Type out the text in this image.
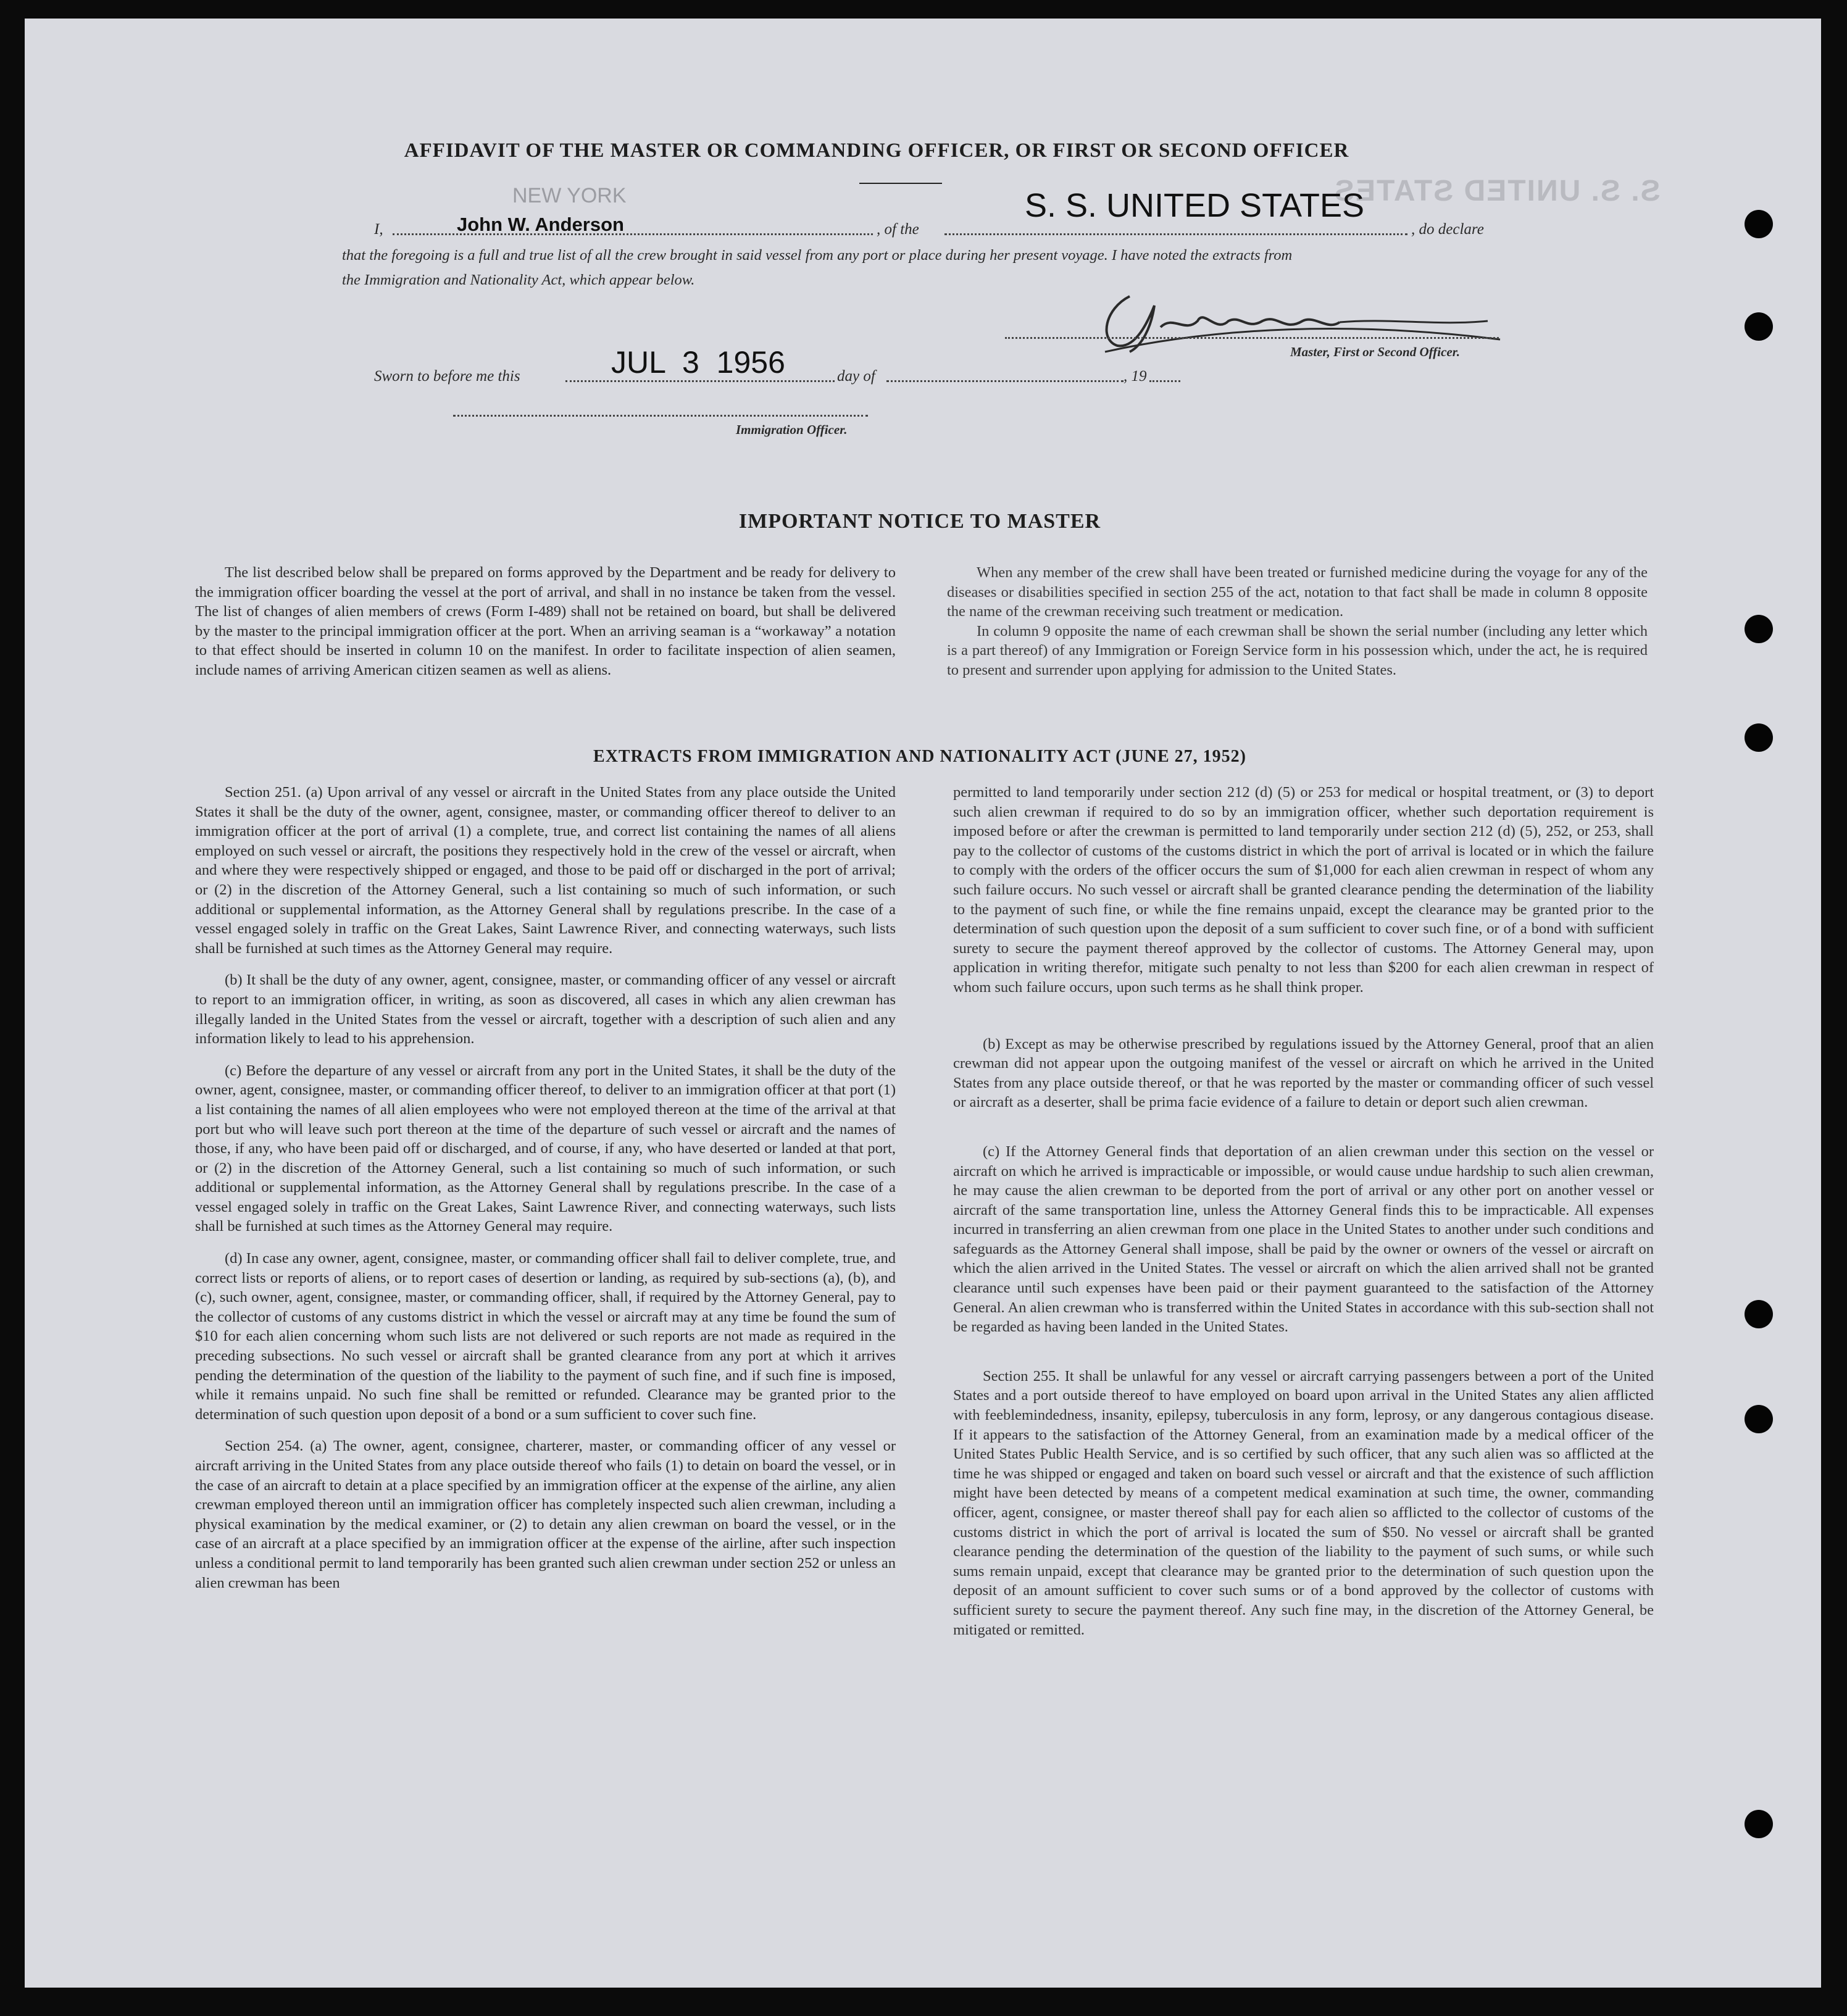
S. S. UNITED STATES
AFFIDAVIT OF THE MASTER OR COMMANDING OFFICER, OR FIRST OR SECOND OFFICER
I,	John W. Anderson
NEW YORK
, of the
S. S. UNITED STATES
, do declare
that the foregoing is a full and true list of all the crew brought in said vessel from any port or place during her present voyage. I have noted the extracts from
the Immigration and Nationality Act, which appear below.
Master, First or Second Officer.
Sworn to before me this	JUL 3 1956	day of	, 19
Immigration Officer.
IMPORTANT NOTICE TO MASTER

The list described below shall be prepared on forms approved by the Department and be ready for delivery to the immigration officer boarding the vessel at the port of arrival, and shall in no instance be taken from the vessel. The list of changes of alien members of crews (Form I-489) shall not be retained on board, but shall be delivered by the master to the principal immigration officer at the port. When an arriving seaman is a “workaway” a notation to that effect should be inserted in column 10 on the manifest. In order to facilitate inspection of alien seamen, include names of arriving American citizen seamen as well as aliens.

When any member of the crew shall have been treated or furnished medicine during the voyage for any of the diseases or disabilities specified in section 255 of the act, notation to that fact shall be made in column 8 opposite the name of the crewman receiving such treatment or medication.

In column 9 opposite the name of each crewman shall be shown the serial number (including any letter which is a part thereof) of any Immigration or Foreign Service form in his possession which, under the act, he is required to present and surrender upon applying for admission to the United States.

EXTRACTS FROM IMMIGRATION AND NATIONALITY ACT (JUNE 27, 1952)

Section 251. (a) Upon arrival of any vessel or aircraft in the United States from any place outside the United States it shall be the duty of the owner, agent, consignee, master, or commanding officer thereof to deliver to an immigration officer at the port of arrival (1) a complete, true, and correct list containing the names of all aliens employed on such vessel or aircraft, the positions they respectively hold in the crew of the vessel or aircraft, when and where they were respectively shipped or engaged, and those to be paid off or discharged in the port of arrival; or (2) in the discretion of the Attorney General, such a list containing so much of such information, or such additional or supplemental information, as the Attorney General shall by regulations prescribe. In the case of a vessel engaged solely in traffic on the Great Lakes, Saint Lawrence River, and connecting waterways, such lists shall be furnished at such times as the Attorney General may require.

(b) It shall be the duty of any owner, agent, consignee, master, or commanding officer of any vessel or aircraft to report to an immigration officer, in writing, as soon as discovered, all cases in which any alien crewman has illegally landed in the United States from the vessel or aircraft, together with a description of such alien and any information likely to lead to his apprehension.

(c) Before the departure of any vessel or aircraft from any port in the United States, it shall be the duty of the owner, agent, consignee, master, or commanding officer thereof, to deliver to an immigration officer at that port (1) a list containing the names of all alien employees who were not employed thereon at the time of the arrival at that port but who will leave such port thereon at the time of the departure of such vessel or aircraft and the names of those, if any, who have been paid off or discharged, and of course, if any, who have deserted or landed at that port, or (2) in the discretion of the Attorney General, such a list containing so much of such information, or such additional or supplemental information, as the Attorney General shall by regulations prescribe. In the case of a vessel engaged solely in traffic on the Great Lakes, Saint Lawrence River, and connecting waterways, such lists shall be furnished at such times as the Attorney General may require.

(d) In case any owner, agent, consignee, master, or commanding officer shall fail to deliver complete, true, and correct lists or reports of aliens, or to report cases of desertion or landing, as required by sub-sections (a), (b), and (c), such owner, agent, consignee, master, or commanding officer, shall, if required by the Attorney General, pay to the collector of customs of any customs district in which the vessel or aircraft may at any time be found the sum of $10 for each alien concerning whom such lists are not delivered or such reports are not made as required in the preceding subsections. No such vessel or aircraft shall be granted clearance from any port at which it arrives pending the determination of the question of the liability to the payment of such fine, and if such fine is imposed, while it remains unpaid. No such fine shall be remitted or refunded. Clearance may be granted prior to the determination of such question upon deposit of a bond or a sum sufficient to cover such fine.

Section 254. (a) The owner, agent, consignee, charterer, master, or commanding officer of any vessel or aircraft arriving in the United States from any place outside thereof who fails (1) to detain on board the vessel, or in the case of an aircraft to detain at a place specified by an immigration officer at the expense of the airline, any alien crewman employed thereon until an immigration officer has completely inspected such alien crewman, including a physical examination by the medical examiner, or (2) to detain any alien crewman on board the vessel, or in the case of an aircraft at a place specified by an immigration officer at the expense of the airline, after such inspection unless a conditional permit to land temporarily has been granted such alien crewman under section 252 or unless an alien crewman has been

permitted to land temporarily under section 212 (d) (5) or 253 for medical or hospital treatment, or (3) to deport such alien crewman if required to do so by an immigration officer, whether such deportation requirement is imposed before or after the crewman is permitted to land temporarily under section 212 (d) (5), 252, or 253, shall pay to the collector of customs of the customs district in which the port of arrival is located or in which the failure to comply with the orders of the officer occurs the sum of $1,000 for each alien crewman in respect of whom any such failure occurs. No such vessel or aircraft shall be granted clearance pending the determination of the liability to the payment of such fine, or while the fine remains unpaid, except the clearance may be granted prior to the determination of such question upon the deposit of a sum sufficient to cover such fine, or of a bond with sufficient surety to secure the payment thereof approved by the collector of customs. The Attorney General may, upon application in writing therefor, mitigate such penalty to not less than $200 for each alien crewman in respect of whom such failure occurs, upon such terms as he shall think proper.

(b) Except as may be otherwise prescribed by regulations issued by the Attorney General, proof that an alien crewman did not appear upon the outgoing manifest of the vessel or aircraft on which he arrived in the United States from any place outside thereof, or that he was reported by the master or commanding officer of such vessel or aircraft as a deserter, shall be prima facie evidence of a failure to detain or deport such alien crewman.

(c) If the Attorney General finds that deportation of an alien crewman under this section on the vessel or aircraft on which he arrived is impracticable or impossible, or would cause undue hardship to such alien crewman, he may cause the alien crewman to be deported from the port of arrival or any other port on another vessel or aircraft of the same transportation line, unless the Attorney General finds this to be impracticable. All expenses incurred in transferring an alien crewman from one place in the United States to another under such conditions and safeguards as the Attorney General shall impose, shall be paid by the owner or owners of the vessel or aircraft on which the alien arrived in the United States. The vessel or aircraft on which the alien arrived shall not be granted clearance until such expenses have been paid or their payment guaranteed to the satisfaction of the Attorney General. An alien crewman who is transferred within the United States in accordance with this sub-section shall not be regarded as having been landed in the United States.

Section 255. It shall be unlawful for any vessel or aircraft carrying passengers between a port of the United States and a port outside thereof to have employed on board upon arrival in the United States any alien afflicted with feeblemindedness, insanity, epilepsy, tuberculosis in any form, leprosy, or any dangerous contagious disease. If it appears to the satisfaction of the Attorney General, from an examination made by a medical officer of the United States Public Health Service, and is so certified by such officer, that any such alien was so afflicted at the time he was shipped or engaged and taken on board such vessel or aircraft and that the existence of such affliction might have been detected by means of a competent medical examination at such time, the owner, commanding officer, agent, consignee, or master thereof shall pay for each alien so afflicted to the collector of customs of the customs district in which the port of arrival is located the sum of $50. No vessel or aircraft shall be granted clearance pending the determination of the question of the liability to the payment of such sums, or while such sums remain unpaid, except that clearance may be granted prior to the determination of such question upon the deposit of an amount sufficient to cover such sums or of a bond approved by the collector of customs with sufficient surety to secure the payment thereof. Any such fine may, in the discretion of the Attorney General, be mitigated or remitted.
